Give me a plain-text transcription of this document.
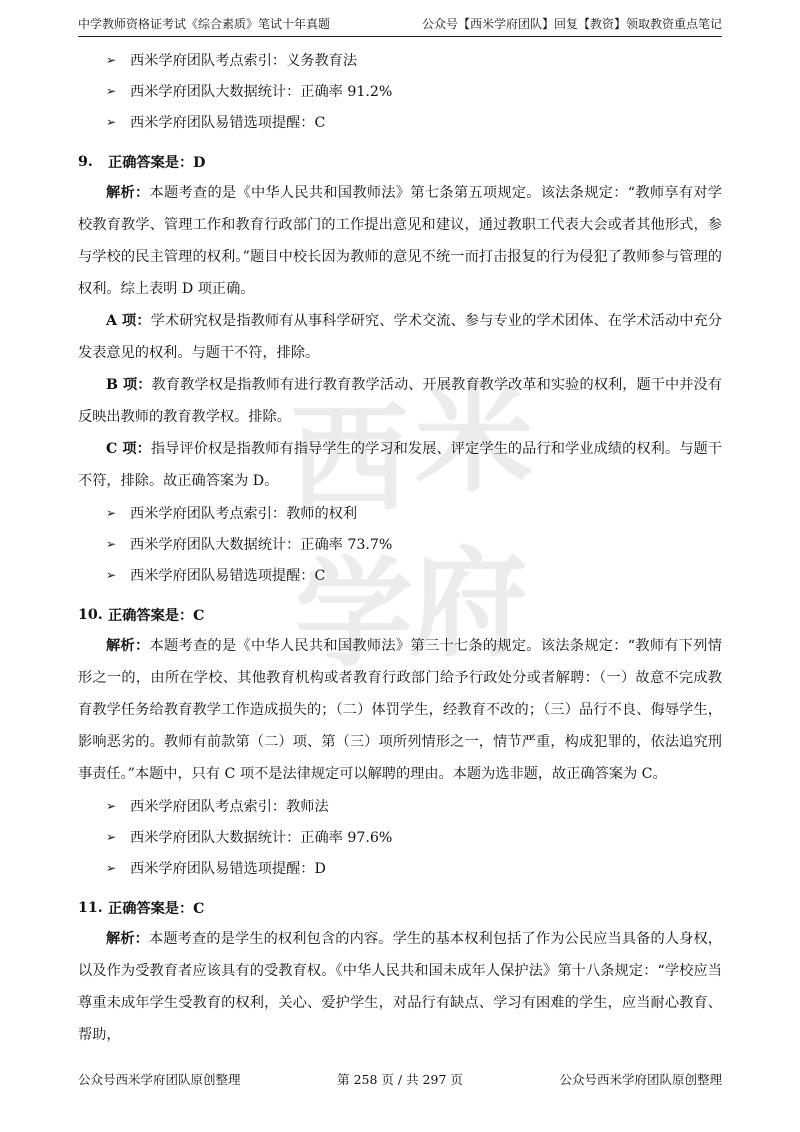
中学教师资格证考试《综合素质》笔试十年真题	公众号【西米学府团队】回复【教资】领取教资重点笔记
西 米
学
府
➢ 西米学府团队考点索引：义务教育法
➢ 西米学府团队大数据统计：正确率 91.2%
➢ 西米学府团队易错选项提醒：C
9.	正确答案是：D

解析：本题考查的是《中华人民共和国教师法》第七条第五项规定。该法条规定：“教师享有对学校教育教学、管理工作和教育行政部门的工作提出意见和建议，通过教职工代表大会或者其他形式，参与学校的民主管理的权利。”题目中校长因为教师的意见不统一而打击报复的行为侵犯了教师参与管理的权利。综上表明 D 项正确。

A 项：学术研究权是指教师有从事科学研究、学术交流、参与专业的学术团体、在学术活动中充分发表意见的权利。与题干不符，排除。

B 项：教育教学权是指教师有进行教育教学活动、开展教育教学改革和实验的权利，题干中并没有反映出教师的教育教学权。排除。

C 项：指导评价权是指教师有指导学生的学习和发展、评定学生的品行和学业成绩的权利。与题干不符，排除。故正确答案为 D。

➢ 西米学府团队考点索引：教师的权利
➢ 西米学府团队大数据统计：正确率 73.7%
➢ 西米学府团队易错选项提醒：C
10. 正确答案是：C

解析：本题考查的是《中华人民共和国教师法》第三十七条的规定。该法条规定：“教师有下列情形之一的，由所在学校、其他教育机构或者教育行政部门给予行政处分或者解聘：（一）故意不完成教育教学任务给教育教学工作造成损失的；（二）体罚学生，经教育不改的；（三）品行不良、侮辱学生，影响恶劣的。教师有前款第（二）项、第（三）项所列情形之一，情节严重，构成犯罪的，依法追究刑事责任。”本题中，只有 C 项不是法律规定可以解聘的理由。本题为选非题，故正确答案为 C。

➢ 西米学府团队考点索引：教师法
➢ 西米学府团队大数据统计：正确率 97.6%
➢ 西米学府团队易错选项提醒：D
11. 正确答案是：C

解析：本题考查的是学生的权利包含的内容。学生的基本权利包括了作为公民应当具备的人身权，以及作为受教育者应该具有的受教育权。《中华人民共和国未成年人保护法》第十八条规定：“学校应当尊重未成年学生受教育的权利，关心、爱护学生，对品行有缺点、学习有困难的学生，应当耐心教育、帮助，

公众号西米学府团队原创整理	第 258 页 / 共 297 页	公众号西米学府团队原创整理
